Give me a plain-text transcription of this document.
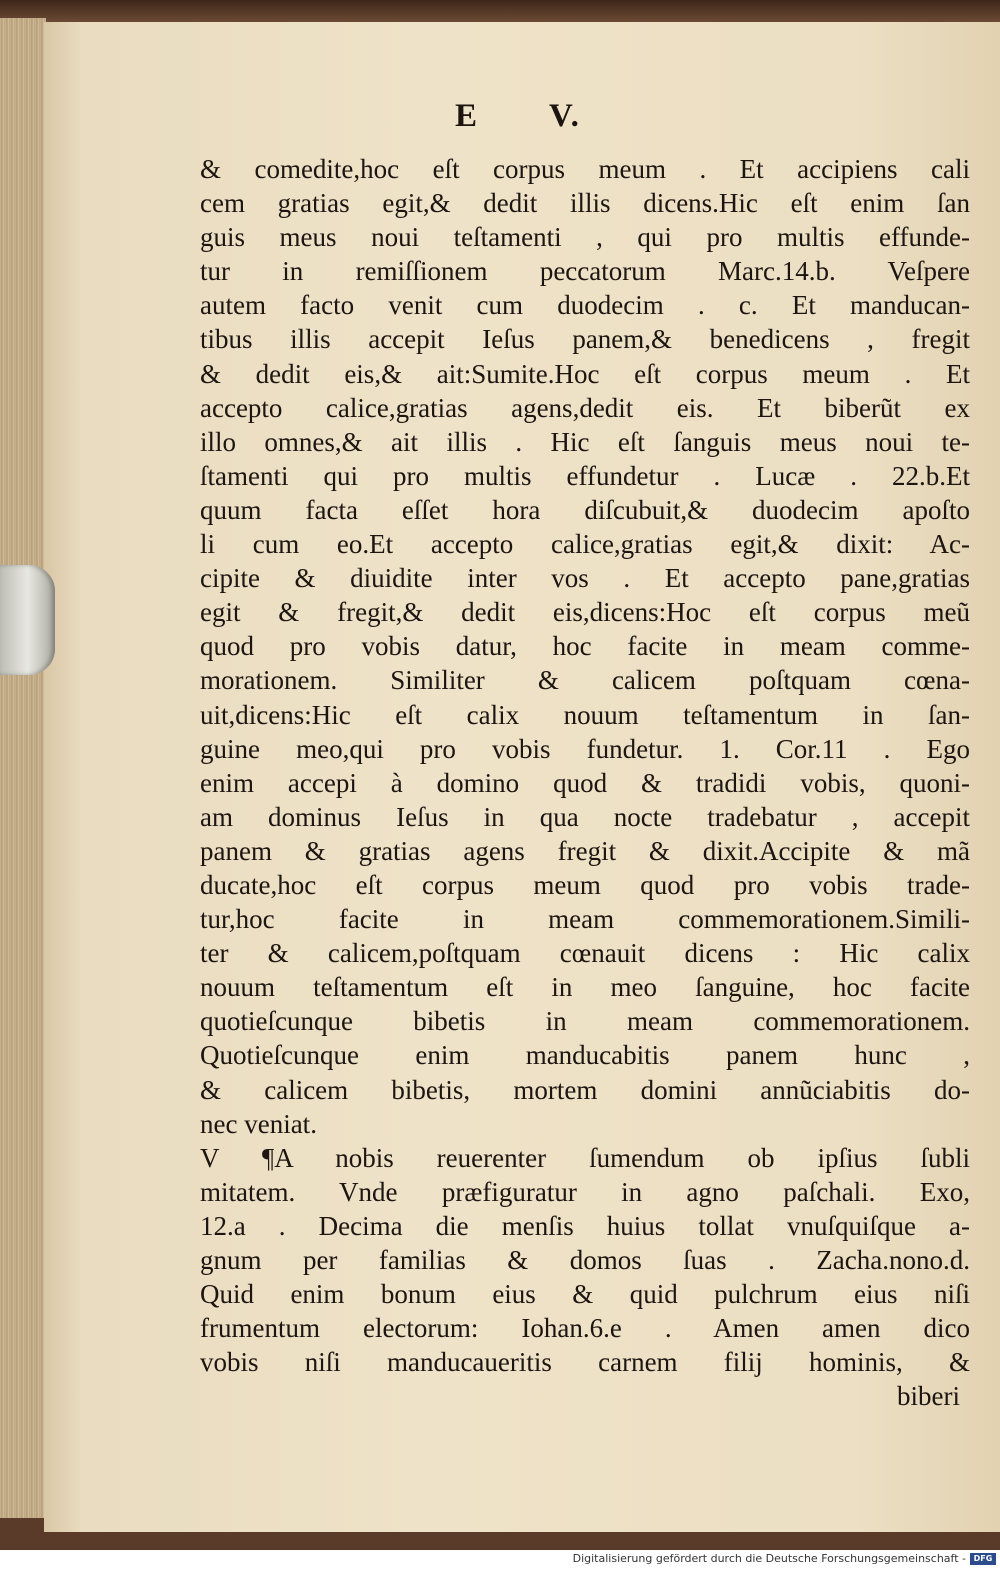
E V.
& comedite,hoc eſt corpus meum . Et accipiens cali
cem gratias egit,& dedit illis dicens.Hic eſt enim ſan
guis meus noui teſtamenti , qui pro multis effunde-
tur in remiſſionem peccatorum Marc.14.b. Veſpere
autem facto venit cum duodecim . c. Et manducan-
tibus illis accepit Ieſus panem,& benedicens , fregit
& dedit eis,& ait:Sumite.Hoc eſt corpus meum . Et
accepto calice,gratias agens,dedit eis. Et biberũt ex
illo omnes,& ait illis . Hic eſt ſanguis meus noui te-
ſtamenti qui pro multis effundetur . Lucæ . 22.b.Et
quum facta eſſet hora diſcubuit,& duodecim apoſto
li cum eo.Et accepto calice,gratias egit,& dixit: Ac-
cipite & diuidite inter vos . Et accepto pane,gratias
egit & fregit,& dedit eis,dicens:Hoc eſt corpus meũ
quod pro vobis datur, hoc facite in meam comme-
morationem. Similiter & calicem poſtquam cœna-
uit,dicens:Hic eſt calix nouum teſtamentum in ſan-
guine meo,qui pro vobis fundetur. 1. Cor.11 . Ego
enim accepi à domino quod & tradidi vobis, quoni-
am dominus Ieſus in qua nocte tradebatur , accepit
panem & gratias agens fregit & dixit.Accipite & mã
ducate,hoc eſt corpus meum quod pro vobis trade-
tur,hoc facite in meam commemorationem.Simili-
ter & calicem,poſtquam cœnauit dicens : Hic calix
nouum teſtamentum eſt in meo ſanguine, hoc facite
quotieſcunque bibetis in meam commemorationem.
Quotieſcunque enim manducabitis panem hunc ,
& calicem bibetis, mortem domini annũciabitis do-
nec veniat.
V ¶A nobis reuerenter ſumendum ob ipſius ſubli
mitatem. Vnde præfiguratur in agno paſchali. Exo,
12.a . Decima die menſis huius tollat vnuſquiſque a-
gnum per familias & domos ſuas . Zacha.nono.d.
Quid enim bonum eius & quid pulchrum eius niſi
frumentum electorum: Iohan.6.e . Amen amen dico
vobis niſi manducaueritis carnem filij hominis, &
biberi
Digitalisierung gefördert durch die Deutsche Forschungsgemeinschaft - DFG
